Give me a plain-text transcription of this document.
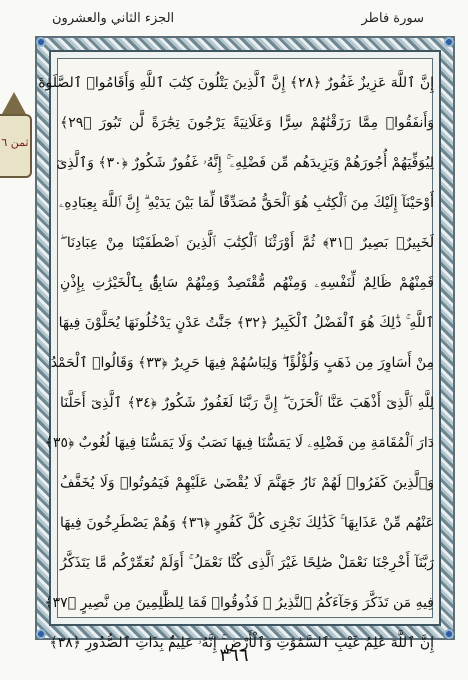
الجزء الثاني والعشرون	سورة فاطر
ثمن ٦
إِنَّ ٱللَّهَ عَزِيزٌ غَفُورٌ ﴿٢٨﴾ إِنَّ ٱلَّذِينَ يَتْلُونَ كِتَٰبَ ٱللَّهِ وَأَقَامُوا۟ ٱلصَّلَوٰةَ
وَأَنفَقُوا۟ مِمَّا رَزَقْنَٰهُمْ سِرًّا وَعَلَانِيَةً يَرْجُونَ تِجَٰرَةً لَّن تَبُورَ ﴿٢٩﴾
لِيُوَفِّيَهُمْ أُجُورَهُمْ وَيَزِيدَهُم مِّن فَضْلِهِۦٓ ۚ إِنَّهُۥ غَفُورٌ شَكُورٌ ﴿٣٠﴾ وَٱلَّذِىٓ
أَوْحَيْنَآ إِلَيْكَ مِنَ ٱلْكِتَٰبِ هُوَ ٱلْحَقُّ مُصَدِّقًا لِّمَا بَيْنَ يَدَيْهِ ۗ إِنَّ ٱللَّهَ بِعِبَادِهِۦ
لَخَبِيرٌۢ بَصِيرٌ ﴿٣١﴾ ثُمَّ أَوْرَثْنَا ٱلْكِتَٰبَ ٱلَّذِينَ ٱصْطَفَيْنَا مِنْ عِبَادِنَا ۖ
فَمِنْهُمْ ظَالِمٌ لِّنَفْسِهِۦ وَمِنْهُم مُّقْتَصِدٌ وَمِنْهُمْ سَابِقٌۢ بِٱلْخَيْرَٰتِ بِإِذْنِ
ٱللَّهِ ۚ ذَٰلِكَ هُوَ ٱلْفَضْلُ ٱلْكَبِيرُ ﴿٣٢﴾ جَنَّٰتُ عَدْنٍ يَدْخُلُونَهَا يُحَلَّوْنَ فِيهَا
مِنْ أَسَاوِرَ مِن ذَهَبٍ وَلُؤْلُؤًا ۖ وَلِبَاسُهُمْ فِيهَا حَرِيرٌ ﴿٣٣﴾ وَقَالُوا۟ ٱلْحَمْدُ
لِلَّهِ ٱلَّذِىٓ أَذْهَبَ عَنَّا ٱلْحَزَنَ ۖ إِنَّ رَبَّنَا لَغَفُورٌ شَكُورٌ ﴿٣٤﴾ ٱلَّذِىٓ أَحَلَّنَا
دَارَ ٱلْمُقَامَةِ مِن فَضْلِهِۦ لَا يَمَسُّنَا فِيهَا نَصَبٌ وَلَا يَمَسُّنَا فِيهَا لُغُوبٌ ﴿٣٥﴾
وَٱلَّذِينَ كَفَرُوا۟ لَهُمْ نَارُ جَهَنَّمَ لَا يُقْضَىٰ عَلَيْهِمْ فَيَمُوتُوا۟ وَلَا يُخَفَّفُ
عَنْهُم مِّنْ عَذَابِهَا ۚ كَذَٰلِكَ نَجْزِى كُلَّ كَفُورٍ ﴿٣٦﴾ وَهُمْ يَصْطَرِخُونَ فِيهَا
رَبَّنَآ أَخْرِجْنَا نَعْمَلْ صَٰلِحًا غَيْرَ ٱلَّذِى كُنَّا نَعْمَلُ ۚ أَوَلَمْ نُعَمِّرْكُم مَّا يَتَذَكَّرُ
فِيهِ مَن تَذَكَّرَ وَجَآءَكُمُ ٱلنَّذِيرُ ۖ فَذُوقُوا۟ فَمَا لِلظَّٰلِمِينَ مِن نَّصِيرٍ ﴿٣٧﴾
إِنَّ ٱللَّهَ عَٰلِمُ غَيْبِ ٱلسَّمَٰوَٰتِ وَٱلْأَرْضِ ۚ إِنَّهُۥ عَلِيمٌۢ بِذَاتِ ٱلصُّدُورِ ﴿٣٨﴾
٣٦٦
